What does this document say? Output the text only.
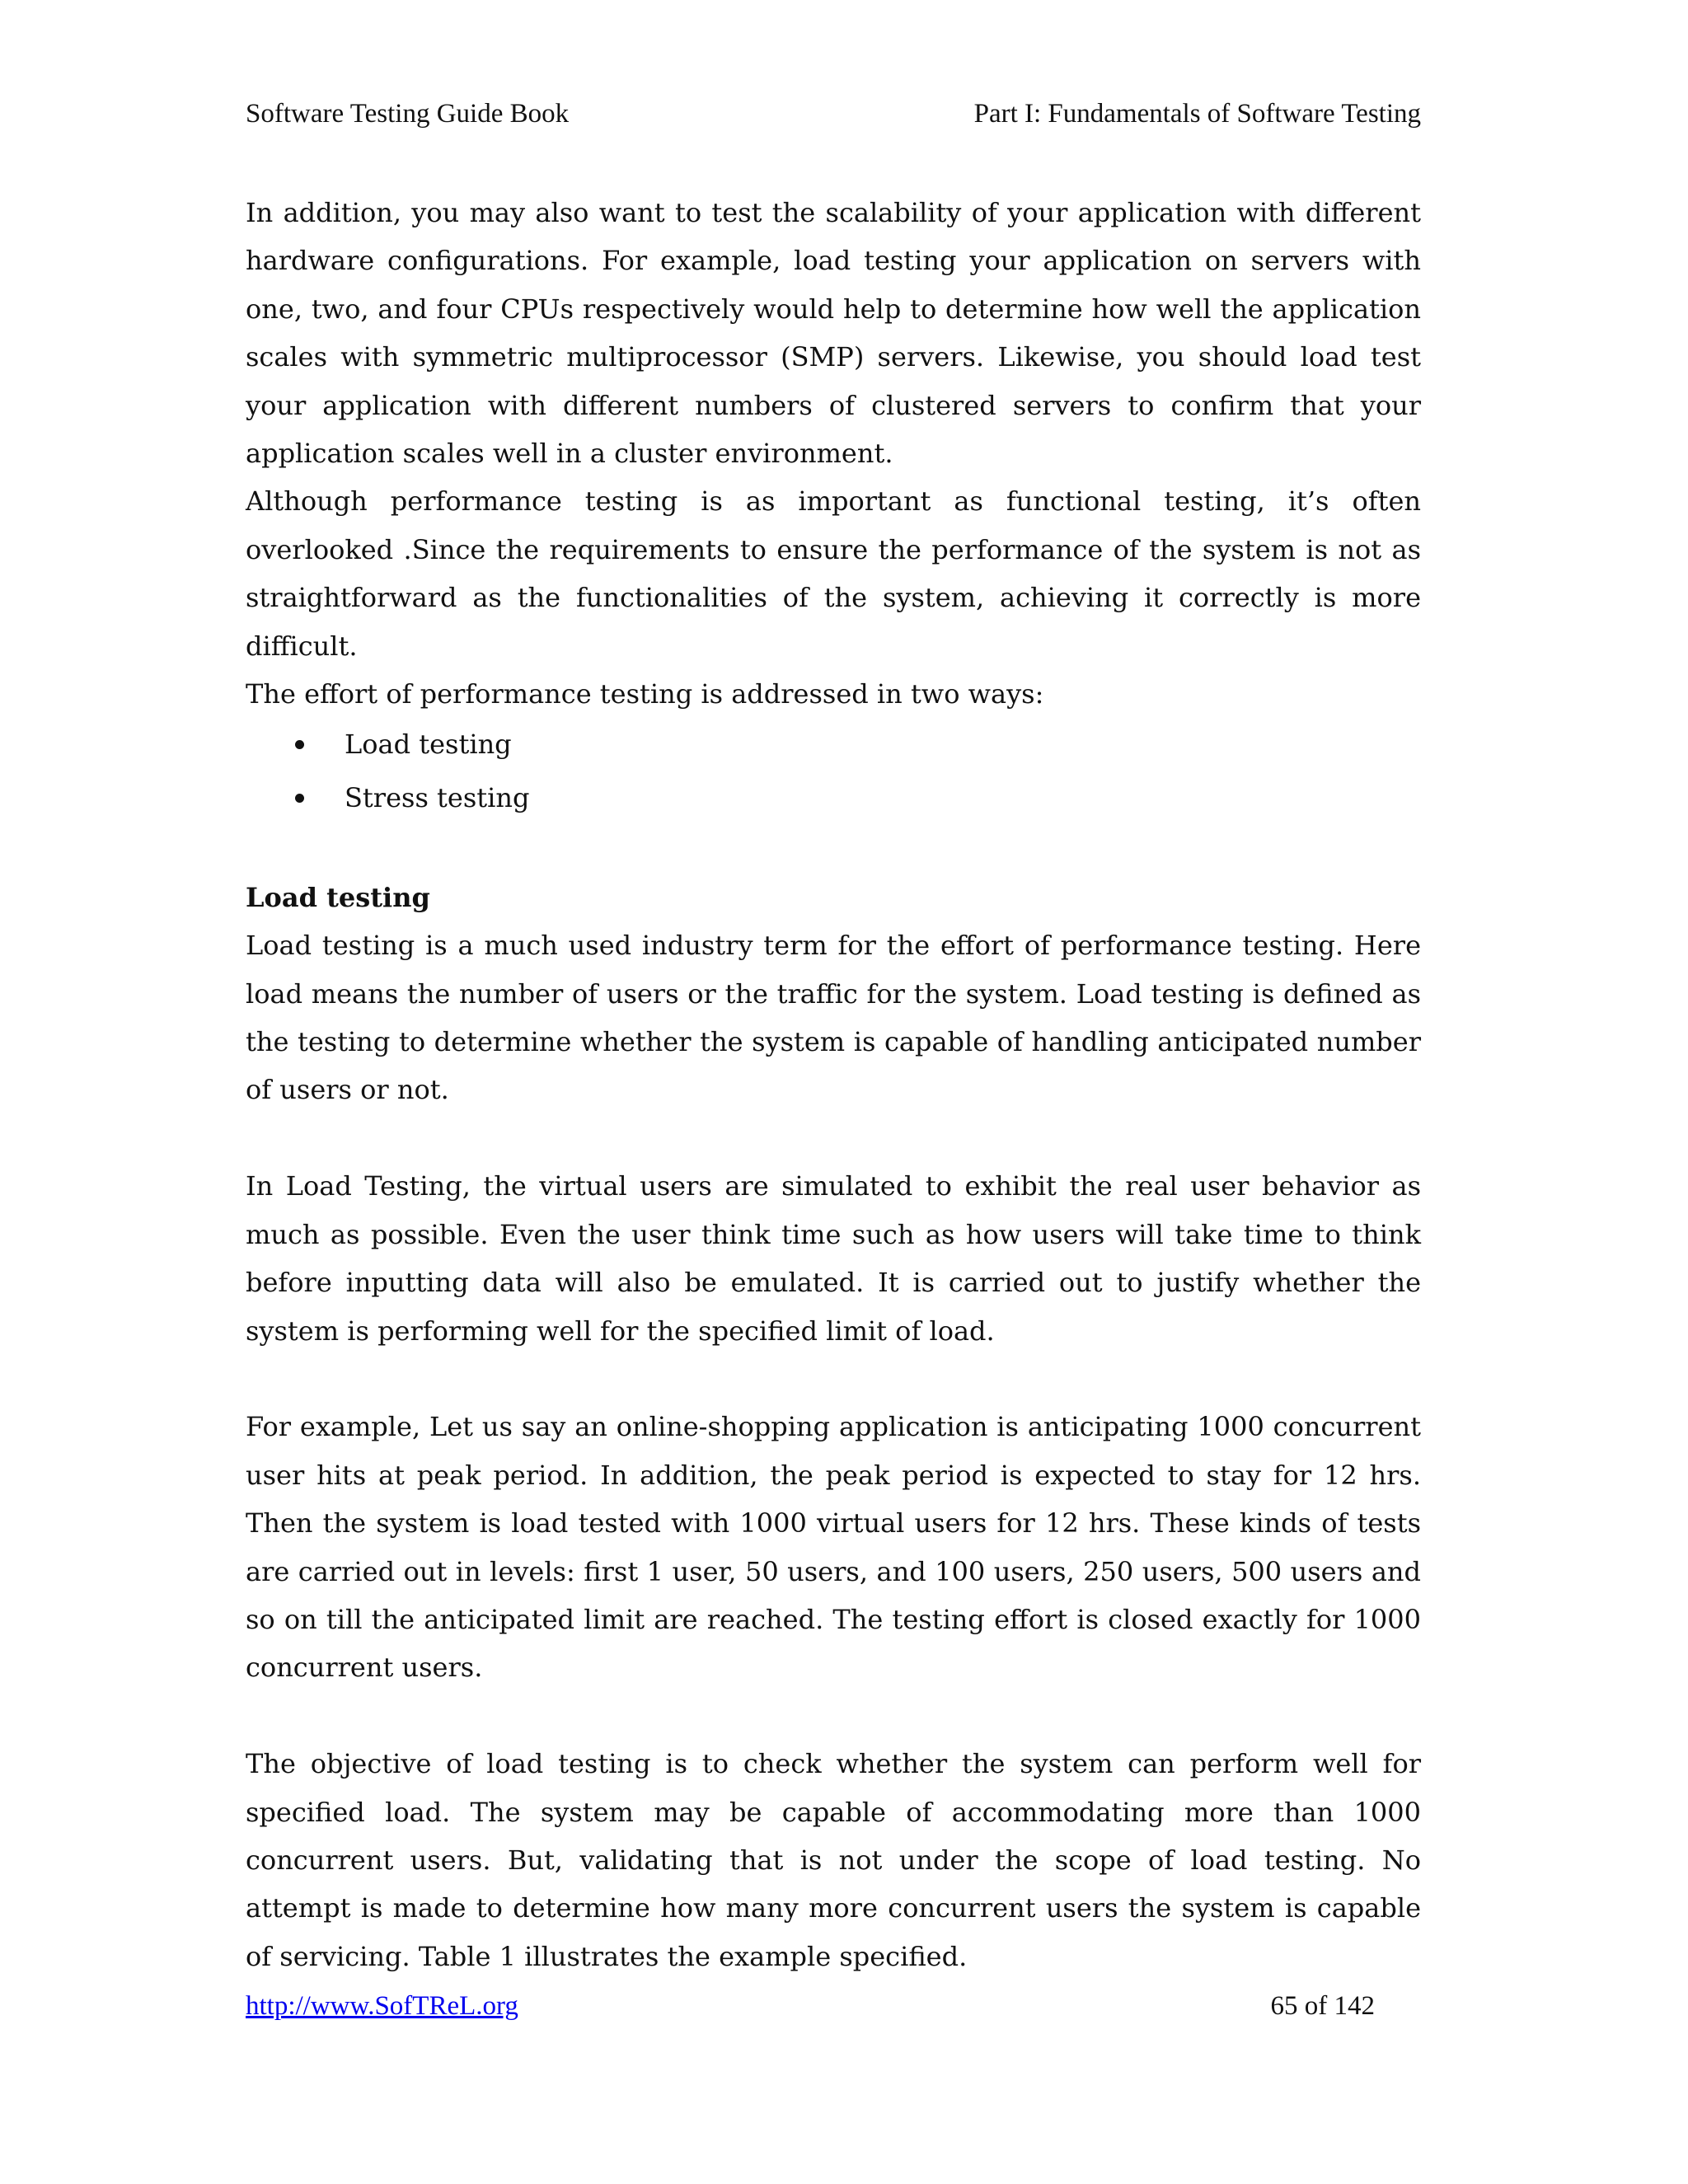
Software Testing Guide Book	Part I: Fundamentals of Software Testing

In addition, you may also want to test the scalability of your application with different hardware configurations. For example, load testing your application on servers with one, two, and four CPUs respectively would help to determine how well the application scales with symmetric multiprocessor (SMP) servers. Likewise, you should load test your application with different numbers of clustered servers to confirm that your application scales well in a cluster environment.

Although performance testing is as important as functional testing, it’s often overlooked .Since the requirements to ensure the performance of the system is not as straightforward as the functionalities of the system, achieving it correctly is more difficult.

The effort of performance testing is addressed in two ways:

Load testing
Stress testing

Load testing

Load testing is a much used industry term for the effort of performance testing. Here load means the number of users or the traffic for the system. Load testing is defined as the testing to determine whether the system is capable of handling anticipated number of users or not.

In Load Testing, the virtual users are simulated to exhibit the real user behavior as much as possible. Even the user think time such as how users will take time to think before inputting data will also be emulated. It is carried out to justify whether the system is performing well for the specified limit of load.

For example, Let us say an online-shopping application is anticipating 1000 concurrent user hits at peak period. In addition, the peak period is expected to stay for 12 hrs. Then the system is load tested with 1000 virtual users for 12 hrs. These kinds of tests are carried out in levels: first 1 user, 50 users, and 100 users, 250 users, 500 users and so on till the anticipated limit are reached. The testing effort is closed exactly for 1000 concurrent users.

The objective of load testing is to check whether the system can perform well for specified load. The system may be capable of accommodating more than 1000 concurrent users. But, validating that is not under the scope of load testing. No attempt is made to determine how many more concurrent users the system is capable of servicing. Table 1 illustrates the example specified.

http://www.SofTReL.org	65 of 142
